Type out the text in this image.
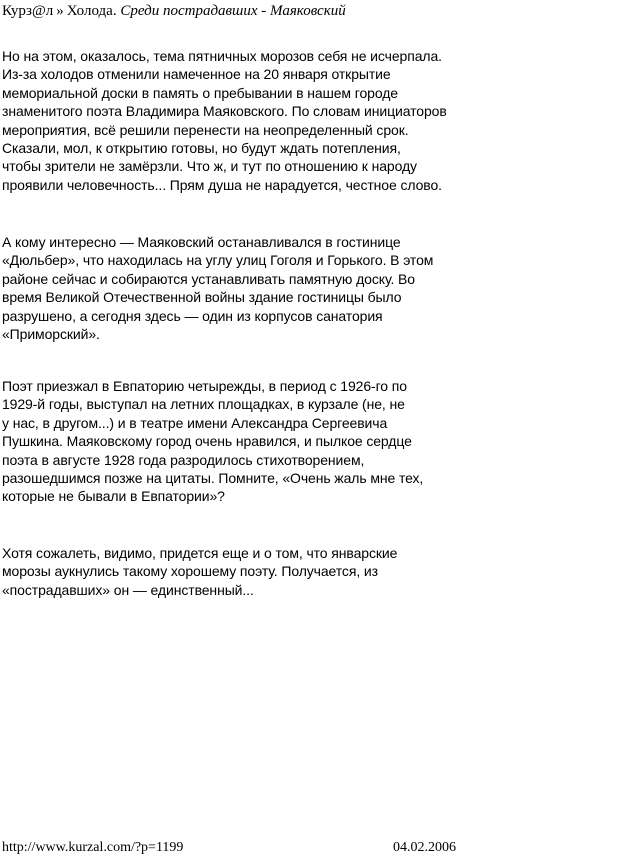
Курз@л » Холода. Среди пострадавших - Маяковский
Но на этом, оказалось, тема пятничных морозов себя не исчерпала.
Из-за холодов отменили намеченное на 20 января открытие
мемориальной доски в память о пребывании в нашем городе
знаменитого поэта Владимира Маяковского. По словам инициаторов
мероприятия, всё решили перенести на неопределенный срок.
Сказали, мол, к открытию готовы, но будут ждать потепления,
чтобы зрители не замёрзли. Что ж, и тут по отношению к народу
проявили человечность... Прям душа не нарадуется, честное слово.
А кому интересно — Маяковский останавливался в гостинице
«Дюльбер», что находилась на углу улиц Гоголя и Горького. В этом
районе сейчас и собираются устанавливать памятную доску. Во
время Великой Отечественной войны здание гостиницы было
разрушено, а сегодня здесь — один из корпусов санатория
«Приморский».
Поэт приезжал в Евпаторию четырежды, в период с 1926-го по
1929-й годы, выступал на летних площадках, в курзале (не, не
у нас, в другом...) и в театре имени Александра Сергеевича
Пушкина. Маяковскому город очень нравился, и пылкое сердце
поэта в августе 1928 года разродилось стихотворением,
разошедшимся позже на цитаты. Помните, «Очень жаль мне тех,
которые не бывали в Евпатории»?
Хотя сожалеть, видимо, придется еще и о том, что январские
морозы аукнулись такому хорошему поэту. Получается, из
«пострадавших» он — единственный...
http://www.kurzal.com/?p=1199	04.02.2006
